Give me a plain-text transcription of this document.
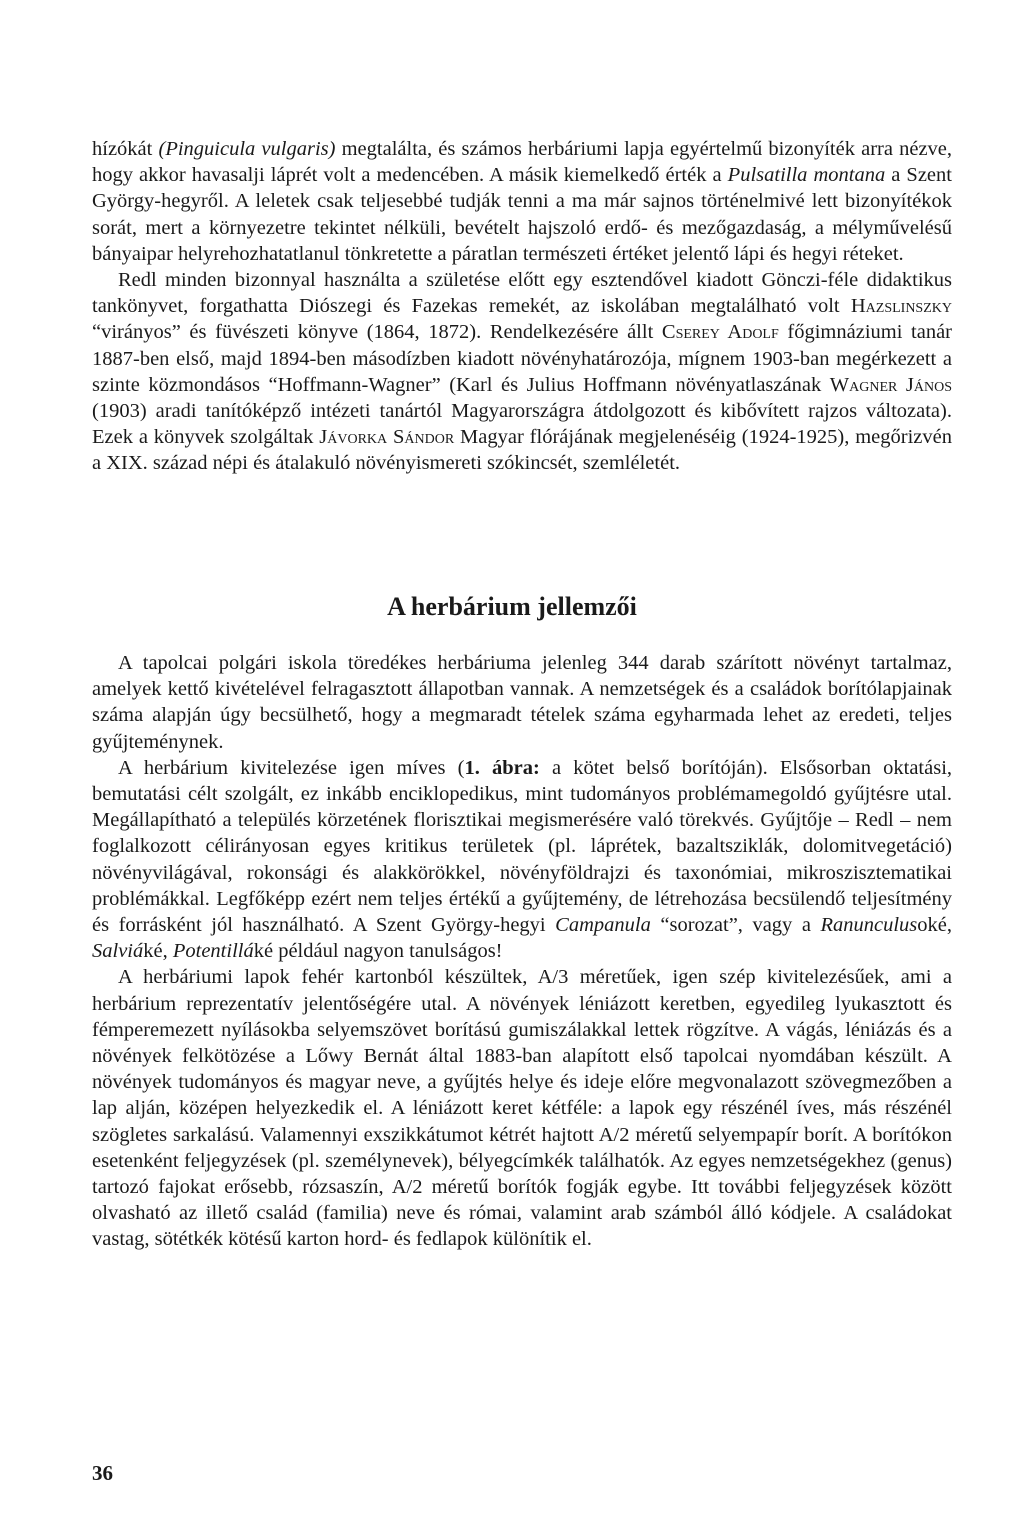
hízókát (Pinguicula vulgaris) megtalálta, és számos herbáriumi lapja egyértelmű bizonyíték arra nézve, hogy akkor havasalji láprét volt a medencében. A másik kiemelkedő érték a Pulsatilla montana a Szent György-hegyről. A leletek csak teljesebbé tudják tenni a ma már sajnos történelmivé lett bizonyítékok sorát, mert a környezetre tekintet nélküli, bevételt hajszoló erdő- és mezőgazdaság, a mélyművelésű bányaipar helyrehozhatatlanul tönkretette a páratlan természeti értéket jelentő lápi és hegyi réteket.

Redl minden bizonnyal használta a születése előtt egy esztendővel kiadott Gönczi-féle didaktikus tankönyvet, forgathatta Diószegi és Fazekas remekét, az iskolában megtalálható volt Hazslinszky “virányos” és füvészeti könyve (1864, 1872). Rendelkezésére állt Cserey Adolf főgimnáziumi tanár 1887-ben első, majd 1894-ben másodízben kiadott növényhatározója, mígnem 1903-ban megérkezett a szinte közmondásos “Hoffmann-Wagner” (Karl és Julius Hoffmann növényatlaszának Wagner János (1903) aradi tanítóképző intézeti tanártól Magyarországra átdolgozott és kibővített rajzos változata). Ezek a könyvek szolgáltak Jávorka Sándor Magyar flórájának megjelenéséig (1924-1925), megőrizvén a XIX. század népi és átalakuló növényismereti szókincsét, szemléletét.

A herbárium jellemzői

A tapolcai polgári iskola töredékes herbáriuma jelenleg 344 darab szárított növényt tartalmaz, amelyek kettő kivételével felragasztott állapotban vannak. A nemzetségek és a családok borítólapjainak száma alapján úgy becsülhető, hogy a megmaradt tételek száma egyharmada lehet az eredeti, teljes gyűjteménynek.

A herbárium kivitelezése igen míves (1. ábra: a kötet belső borítóján). Elsősorban oktatási, bemutatási célt szolgált, ez inkább enciklopedikus, mint tudományos problémamegoldó gyűjtésre utal. Megállapítható a település körzetének florisztikai megismerésére való törekvés. Gyűjtője – Redl – nem foglalkozott célirányosan egyes kritikus területek (pl. láprétek, bazaltsziklák, dolomitvegetáció) növényvilágával, rokonsági és alakkörökkel, növényföldrajzi és taxonómiai, mikroszisztematikai problémákkal. Legfőképp ezért nem teljes értékű a gyűjtemény, de létrehozása becsülendő teljesítmény és forrásként jól használható. A Szent György-hegyi Campanula “sorozat”, vagy a Ranunculusoké, Salviáké, Potentilláké például nagyon tanulságos!

A herbáriumi lapok fehér kartonból készültek, A/3 méretűek, igen szép kivitelezésűek, ami a herbárium reprezentatív jelentőségére utal. A növények léniázott keretben, egyedileg lyukasztott és fémperemezett nyílásokba selyemszövet borítású gumiszálakkal lettek rögzítve. A vágás, léniázás és a növények felkötözése a Lőwy Bernát által 1883-ban alapított első tapolcai nyomdában készült. A növények tudományos és magyar neve, a gyűjtés helye és ideje előre megvonalazott szövegmezőben a lap alján, középen helyezkedik el. A léniázott keret kétféle: a lapok egy részénél íves, más részénél szögletes sarkalású. Valamennyi exszikkátumot kétrét hajtott A/2 méretű selyempapír borít. A borítókon esetenként feljegyzések (pl. személynevek), bélyegcímkék találhatók. Az egyes nemzetségekhez (genus) tartozó fajokat erősebb, rózsaszín, A/2 méretű borítók fogják egybe. Itt további feljegyzések között olvasható az illető család (familia) neve és római, valamint arab számból álló kódjele. A családokat vastag, sötétkék kötésű karton hord- és fedlapok különítik el.

36
